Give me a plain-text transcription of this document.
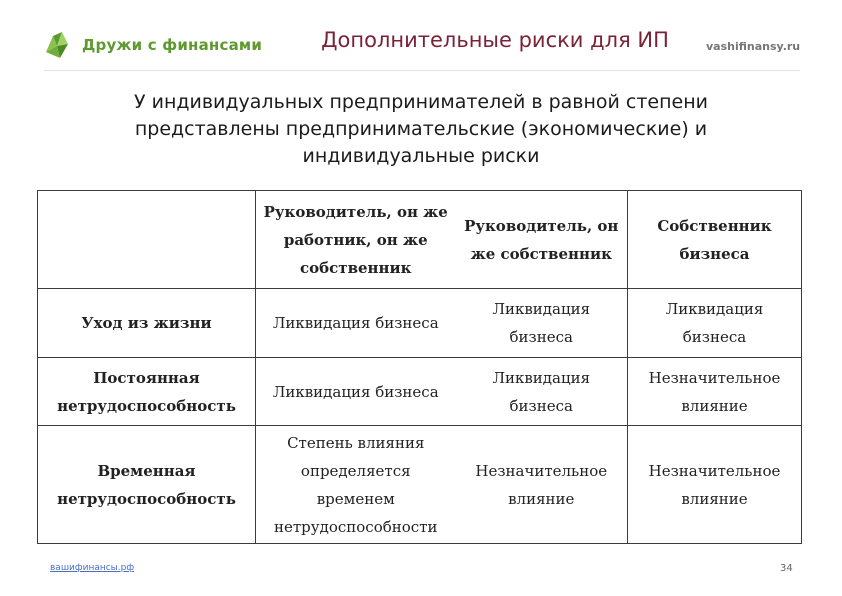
Дружи с финансами	Дополнительные риски для ИП	vashifinansy.ru
У индивидуальных предпринимателей в равной степени представлены предпринимательские (экономические) и индивидуальные риски
	Руководитель, он же работник, он же собственник	Руководитель, он же собственник	Собственник бизнеса
Уход из жизни	Ликвидация бизнеса	Ликвидация бизнеса	Ликвидация бизнеса
Постоянная нетрудоспособность	Ликвидация бизнеса	Ликвидация бизнеса	Незначительное влияние
Временная нетрудоспособность	Степень влияния определяется временем нетрудоспособности	Незначительное влияние	Незначительное влияние
вашифинансы.рф	34
